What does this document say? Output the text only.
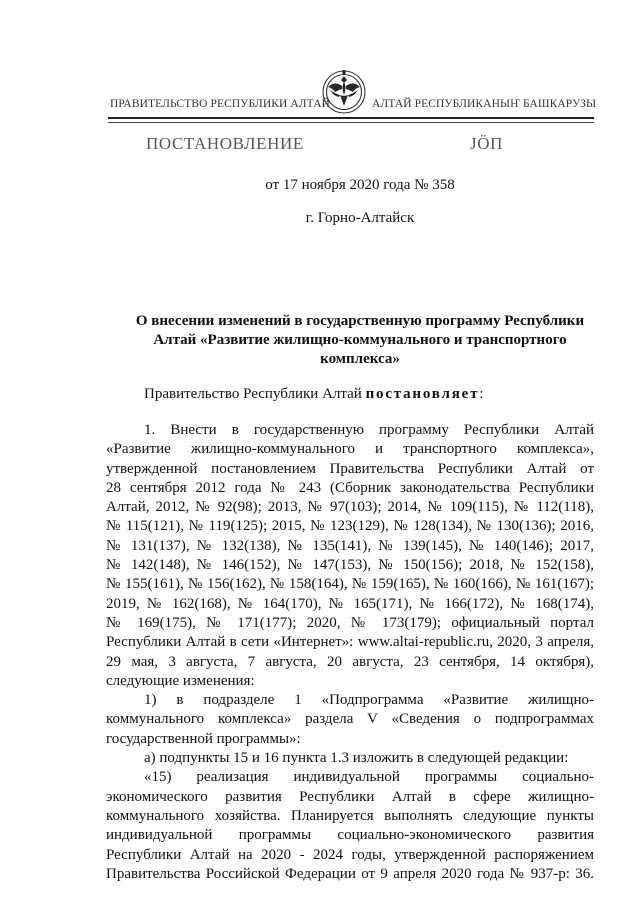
ПРАВИТЕЛЬСТВО РЕСПУБЛИКИ АЛТАЙ	АЛТАЙ РЕСПУБЛИКАНЫҤ БАШКАРУЗЫ
ПОСТАНОВЛЕНИЕ	JÖП
от 17 ноября 2020 года № 358
г. Горно-Алтайск
О внесении изменений в государственную программу Республики
Алтай «Развитие жилищно-коммунального и транспортного
комплекса»
Правительство Республики Алтай постановляет:
1. Внести в государственную программу Республики Алтай
«Развитие жилищно-коммунального и транспортного комплекса»,
утвержденной постановлением Правительства Республики Алтай от
28 сентября 2012 года № 243 (Сборник законодательства Республики
Алтай, 2012, № 92(98); 2013, № 97(103); 2014, № 109(115), № 112(118),
№ 115(121), № 119(125); 2015, № 123(129), № 128(134), № 130(136); 2016,
№ 131(137), № 132(138), № 135(141), № 139(145), № 140(146); 2017,
№ 142(148), № 146(152), № 147(153), № 150(156); 2018, № 152(158),
№ 155(161), № 156(162), № 158(164), № 159(165), № 160(166), № 161(167);
2019, № 162(168), № 164(170), № 165(171), № 166(172), № 168(174),
№ 169(175), № 171(177); 2020, № 173(179); официальный портал
Республики Алтай в сети «Интернет»: www.altai-republic.ru, 2020, 3 апреля,
29 мая, 3 августа, 7 августа, 20 августа, 23 сентября, 14 октября),
следующие изменения:
1) в подразделе 1 «Подпрограмма «Развитие жилищно-
коммунального комплекса» раздела V «Сведения о подпрограммах
государственной программы»:
а) подпункты 15 и 16 пункта 1.3 изложить в следующей редакции:
«15) реализация индивидуальной программы социально-
экономического развития Республики Алтай в сфере жилищно-
коммунального хозяйства. Планируется выполнять следующие пункты
индивидуальной программы социально-экономического развития
Республики Алтай на 2020 - 2024 годы, утвержденной распоряжением
Правительства Российской Федерации от 9 апреля 2020 года № 937-р: 36.
